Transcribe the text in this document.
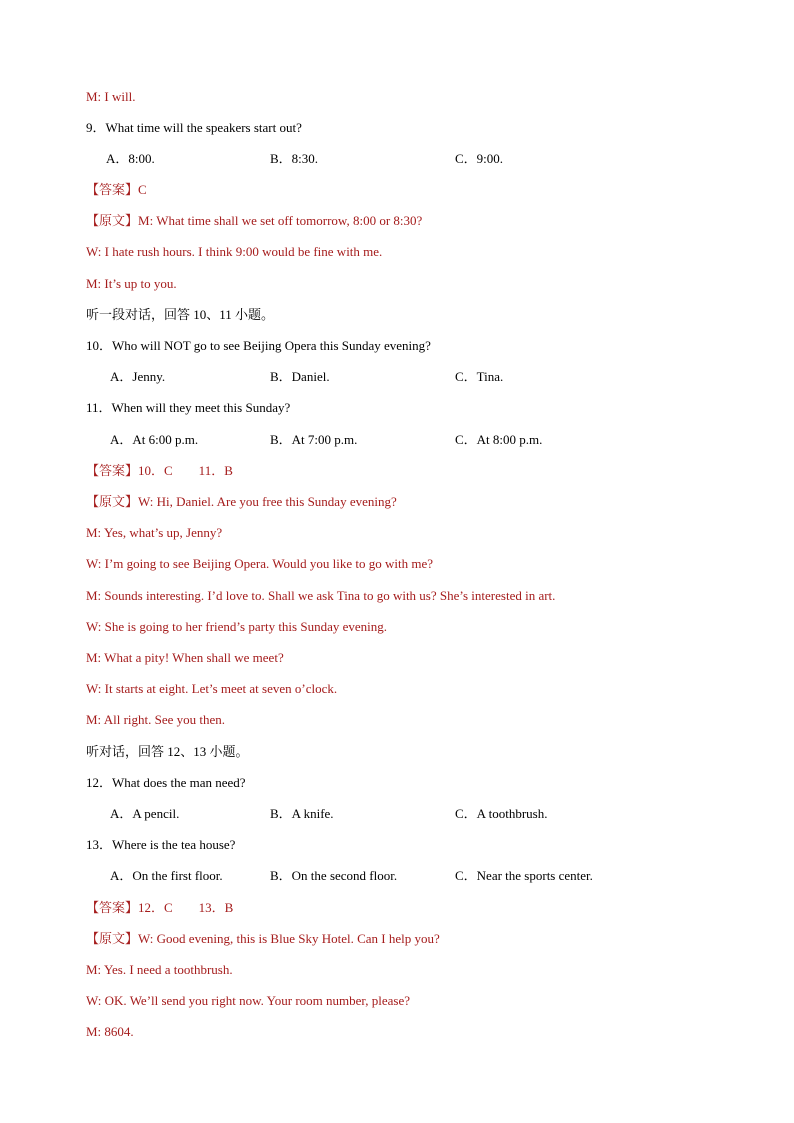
M: I will.
9．What time will the speakers start out?
A．8:00.	B．8:30.	C．9:00.
【答案】C
【原文】M: What time shall we set off tomorrow, 8:00 or 8:30?
W: I hate rush hours. I think 9:00 would be fine with me.
M: It’s up to you.
听一段对话，回答 10、11 小题。
10．Who will NOT go to see Beijing Opera this Sunday evening?
A．Jenny.	B．Daniel.	C．Tina.
11．When will they meet this Sunday?
A．At 6:00 p.m.	B．At 7:00 p.m.	C．At 8:00 p.m.
【答案】10．C        11．B
【原文】W: Hi, Daniel. Are you free this Sunday evening?
M: Yes, what’s up, Jenny?
W: I’m going to see Beijing Opera. Would you like to go with me?
M: Sounds interesting. I’d love to. Shall we ask Tina to go with us? She’s interested in art.
W: She is going to her friend’s party this Sunday evening.
M: What a pity! When shall we meet?
W: It starts at eight. Let’s meet at seven o’clock.
M: All right. See you then.
听对话，回答 12、13 小题。
12．What does the man need?
A．A pencil.	B．A knife.	C．A toothbrush.
13．Where is the tea house?
A．On the first floor.	B．On the second floor.	C．Near the sports center.
【答案】12．C        13．B
【原文】W: Good evening, this is Blue Sky Hotel. Can I help you?
M: Yes. I need a toothbrush.
W: OK. We’ll send you right now. Your room number, please?
M: 8604.
